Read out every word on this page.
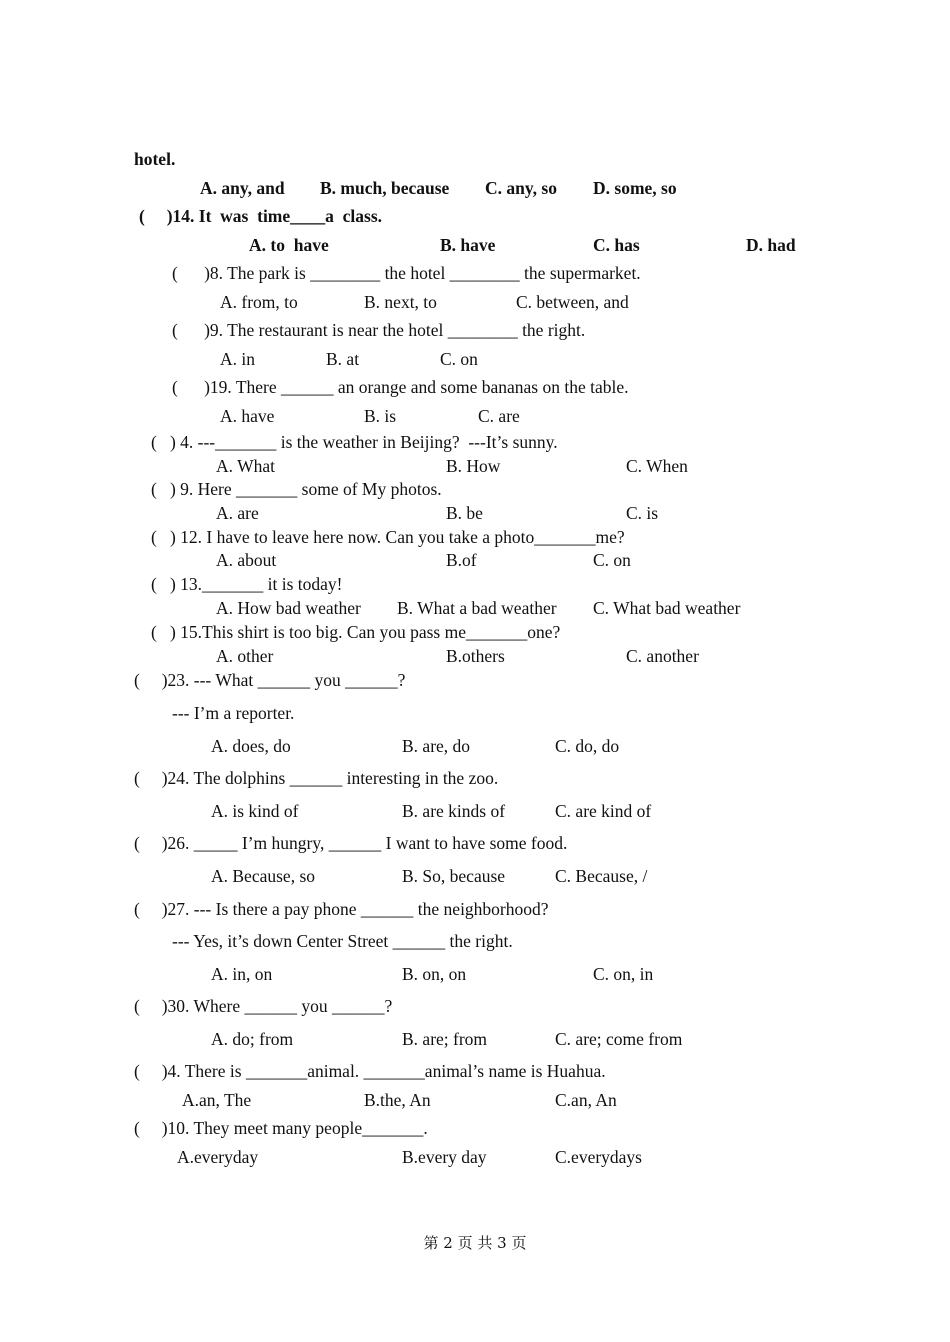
hotel.
A. any, and B. much, because C. any, so D. some, so
(     )14. It  was  time____a  class.
A. to  have	B. have	C. has	D. had
(      )8. The park is ________ the hotel ________ the supermarket.
A. from, to	B. next, to	C. between, and
(      )9. The restaurant is near the hotel ________ the right.
A. in	B. at	C. on
(      )19. There ______ an orange and some bananas on the table.
A. have	B. is	C. are
(   ) 4. ---_______ is the weather in Beijing?  ---It’s sunny.
A. What	B. How	C. When
(   ) 9. Here _______ some of My photos.
A. are	B. be	C. is
(   ) 12. I have to leave here now. Can you take a photo_______me?
A. about	B.of	C. on
(   ) 13._______ it is today!
A. How bad weather B. What a bad weather C. What bad weather
(   ) 15.This shirt is too big. Can you pass me_______one?
A. other	B.others	C. another
(     )23. --- What ______ you ______?
--- I’m a reporter.
A. does, do	B. are, do	C. do, do
(     )24. The dolphins ______ interesting in the zoo.
A. is kind of	B. are kinds of	C. are kind of
(     )26. _____ I’m hungry, ______ I want to have some food.
A. Because, so	B. So, because	C. Because, /
(     )27. --- Is there a pay phone ______ the neighborhood?
--- Yes, it’s down Center Street ______ the right.
A. in, on	B. on, on	C. on, in
(     )30. Where ______ you ______?
A. do; from	B. are; from	C. are; come from
(     )4. There is _______animal. _______animal’s name is Huahua.
A.an, The	B.the, An	C.an, An
(     )10. They meet many people_______.
A.everyday	B.every day	C.everydays
第 2 页 共 3 页
